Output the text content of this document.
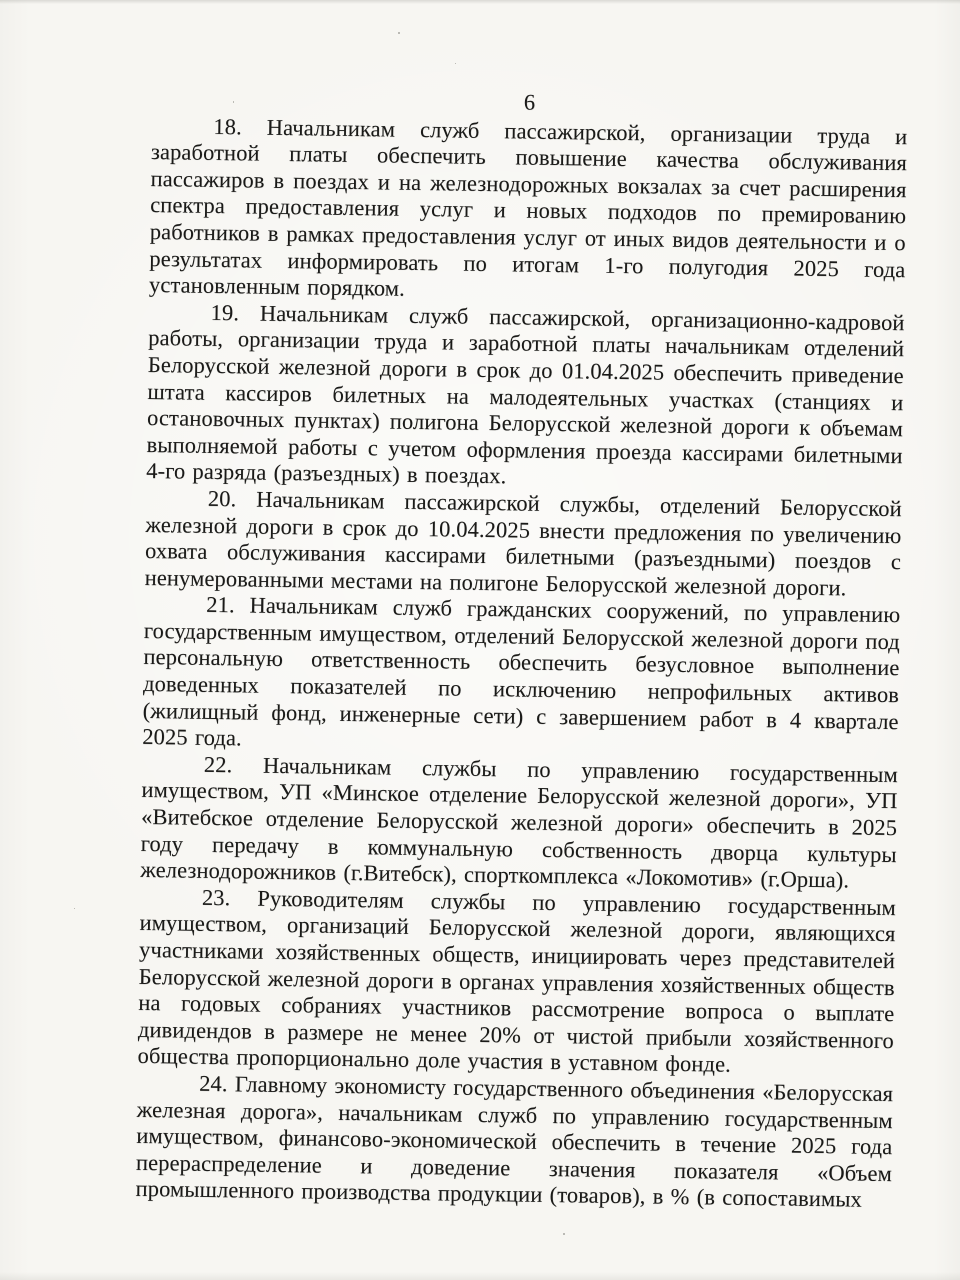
6

18. Начальникам служб пассажирской, организации труда и заработной платы обеспечить повышение качества обслуживания пассажиров в поездах и на железнодорожных вокзалах за счет расширения спектра предоставления услуг и новых подходов по премированию работников в рамках предоставления услуг от иных видов деятельности и о результатах информировать по итогам 1-го полугодия 2025 года установленным порядком.

19. Начальникам служб пассажирской, организационно-кадровой работы, организации труда и заработной платы начальникам отделений Белорусской железной дороги в срок до 01.04.2025 обеспечить приведение штата кассиров билетных на малодеятельных участках (станциях и остановочных пунктах) полигона Белорусской железной дороги к объемам выполняемой работы с учетом оформления проезда кассирами билетными 4-го разряда (разъездных) в поездах.

20. Начальникам пассажирской службы, отделений Белорусской железной дороги в срок до 10.04.2025 внести предложения по увеличению охвата обслуживания кассирами билетными (разъездными) поездов с ненумерованными местами на полигоне Белорусской железной дороги.

21. Начальникам служб гражданских сооружений, по управлению государственным имуществом, отделений Белорусской железной дороги под персональную ответственность обеспечить безусловное выполнение доведенных показателей по исключению непрофильных активов (жилищный фонд, инженерные сети) с завершением работ в 4 квартале 2025 года.

22. Начальникам службы по управлению государственным имуществом, УП «Минское отделение Белорусской железной дороги», УП «Витебское отделение Белорусской железной дороги» обеспечить в 2025 году передачу в коммунальную собственность дворца культуры железнодорожников (г.Витебск), спорткомплекса «Локомотив» (г.Орша).

23. Руководителям службы по управлению государственным имуществом, организаций Белорусской железной дороги, являющихся участниками хозяйственных обществ, инициировать через представителей Белорусской железной дороги в органах управления хозяйственных обществ на годовых собраниях участников рассмотрение вопроса о выплате дивидендов в размере не менее 20% от чистой прибыли хозяйственного общества пропорционально доле участия в уставном фонде.

24. Главному экономисту государственного объединения «Белорусская железная дорога», начальникам служб по управлению государственным имуществом, финансово-экономической обеспечить в течение 2025 года перераспределение и доведение значения показателя «Объем промышленного производства продукции (товаров), в % (в сопоставимых
